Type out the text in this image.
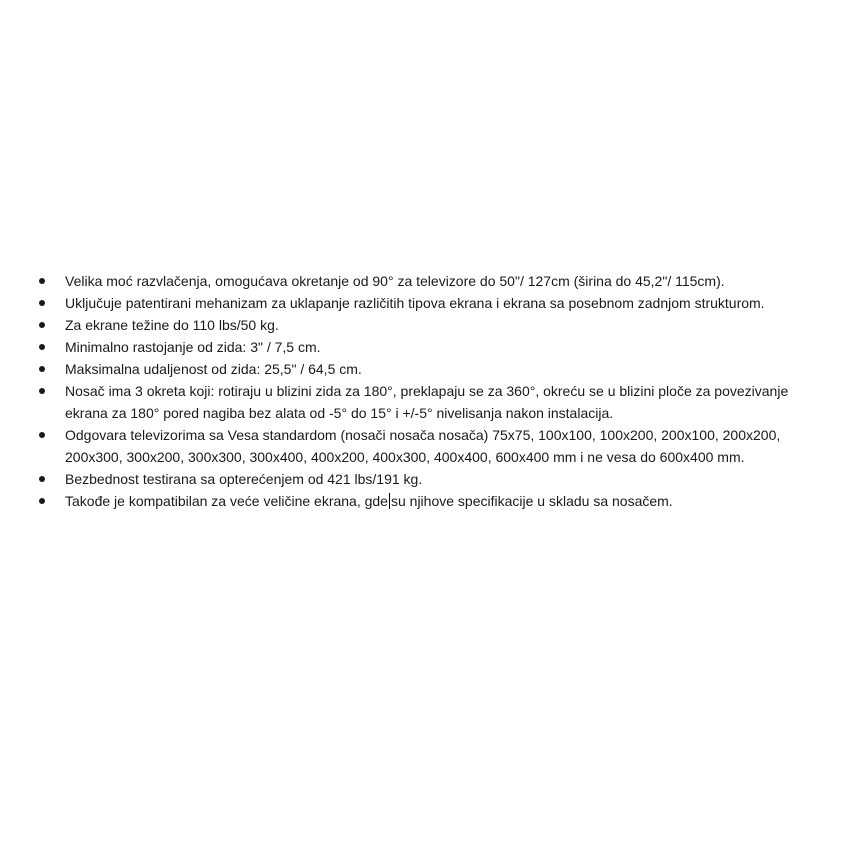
Velika moć razvlačenja, omogućava okretanje od 90° za televizore do 50"/ 127cm (širina do 45,2"/ 115cm).
Uključuje patentirani mehanizam za uklapanje različitih tipova ekrana i ekrana sa posebnom zadnjom strukturom.
Za ekrane težine do 110 lbs/50 kg.
Minimalno rastojanje od zida: 3" / 7,5 cm.
Maksimalna udaljenost od zida: 25,5" / 64,5 cm.
Nosač ima 3 okreta koji: rotiraju u blizini zida za 180°, preklapaju se za 360°, okreću se u blizini ploče za povezivanje ekrana za 180° pored nagiba bez alata od -5° do 15° i +/-5° nivelisanja nakon instalacija.
Odgovara televizorima sa Vesa standardom (nosači nosača nosača) 75x75, 100x100, 100x200, 200x100, 200x200, 200x300, 300x200, 300x300, 300x400, 400x200, 400x300, 400x400, 600x400 mm i ne vesa do 600x400 mm.
Bezbednost testirana sa opterećenjem od 421 lbs/191 kg.
Takođe je kompatibilan za veće veličine ekrana, gde su njihove specifikacije u skladu sa nosačem.
